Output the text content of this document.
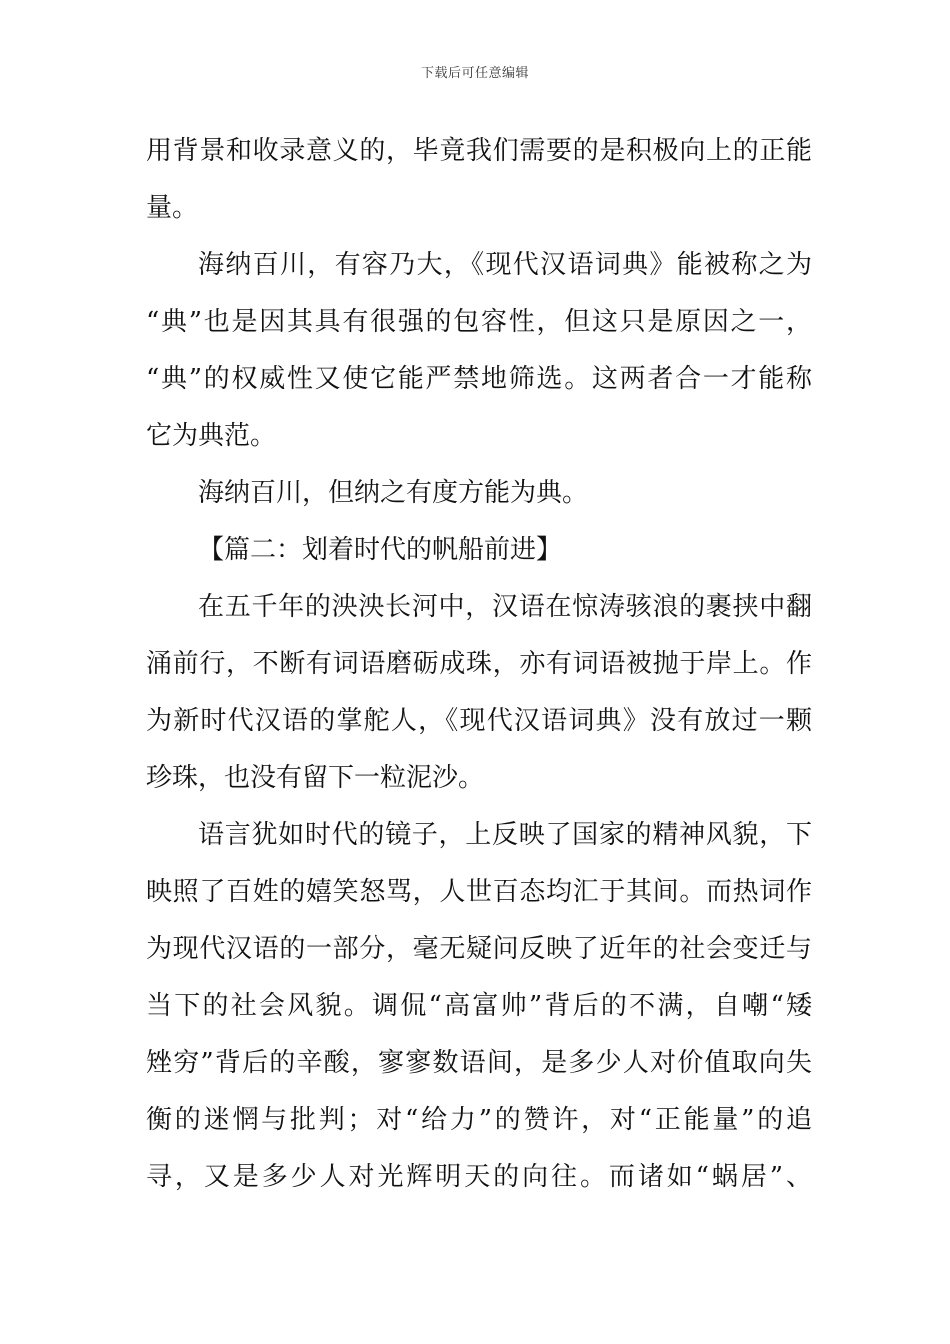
下载后可任意编辑
用背景和收录意义的，毕竟我们需要的是积极向上的正能
量。
海纳百川，有容乃大，《现代汉语词典》能被称之为
“典”也是因其具有很强的包容性，但这只是原因之一，
“典”的权威性又使它能严禁地筛选。这两者合一才能称
它为典范。
海纳百川，但纳之有度方能为典。
【篇二：划着时代的帆船前进】
在五千年的泱泱长河中，汉语在惊涛骇浪的裹挟中翻
涌前行，不断有词语磨砺成珠，亦有词语被抛于岸上。作
为新时代汉语的掌舵人，《现代汉语词典》没有放过一颗
珍珠，也没有留下一粒泥沙。
语言犹如时代的镜子，上反映了国家的精神风貌，下
映照了百姓的嬉笑怒骂，人世百态均汇于其间。而热词作
为现代汉语的一部分，毫无疑问反映了近年的社会变迁与
当下的社会风貌。调侃“高富帅”背后的不满，自嘲“矮
矬穷”背后的辛酸，寥寥数语间，是多少人对价值取向失
衡的迷惘与批判；对“给力”的赞许，对“正能量”的追
寻，又是多少人对光辉明天的向往。而诸如“蜗居”、
